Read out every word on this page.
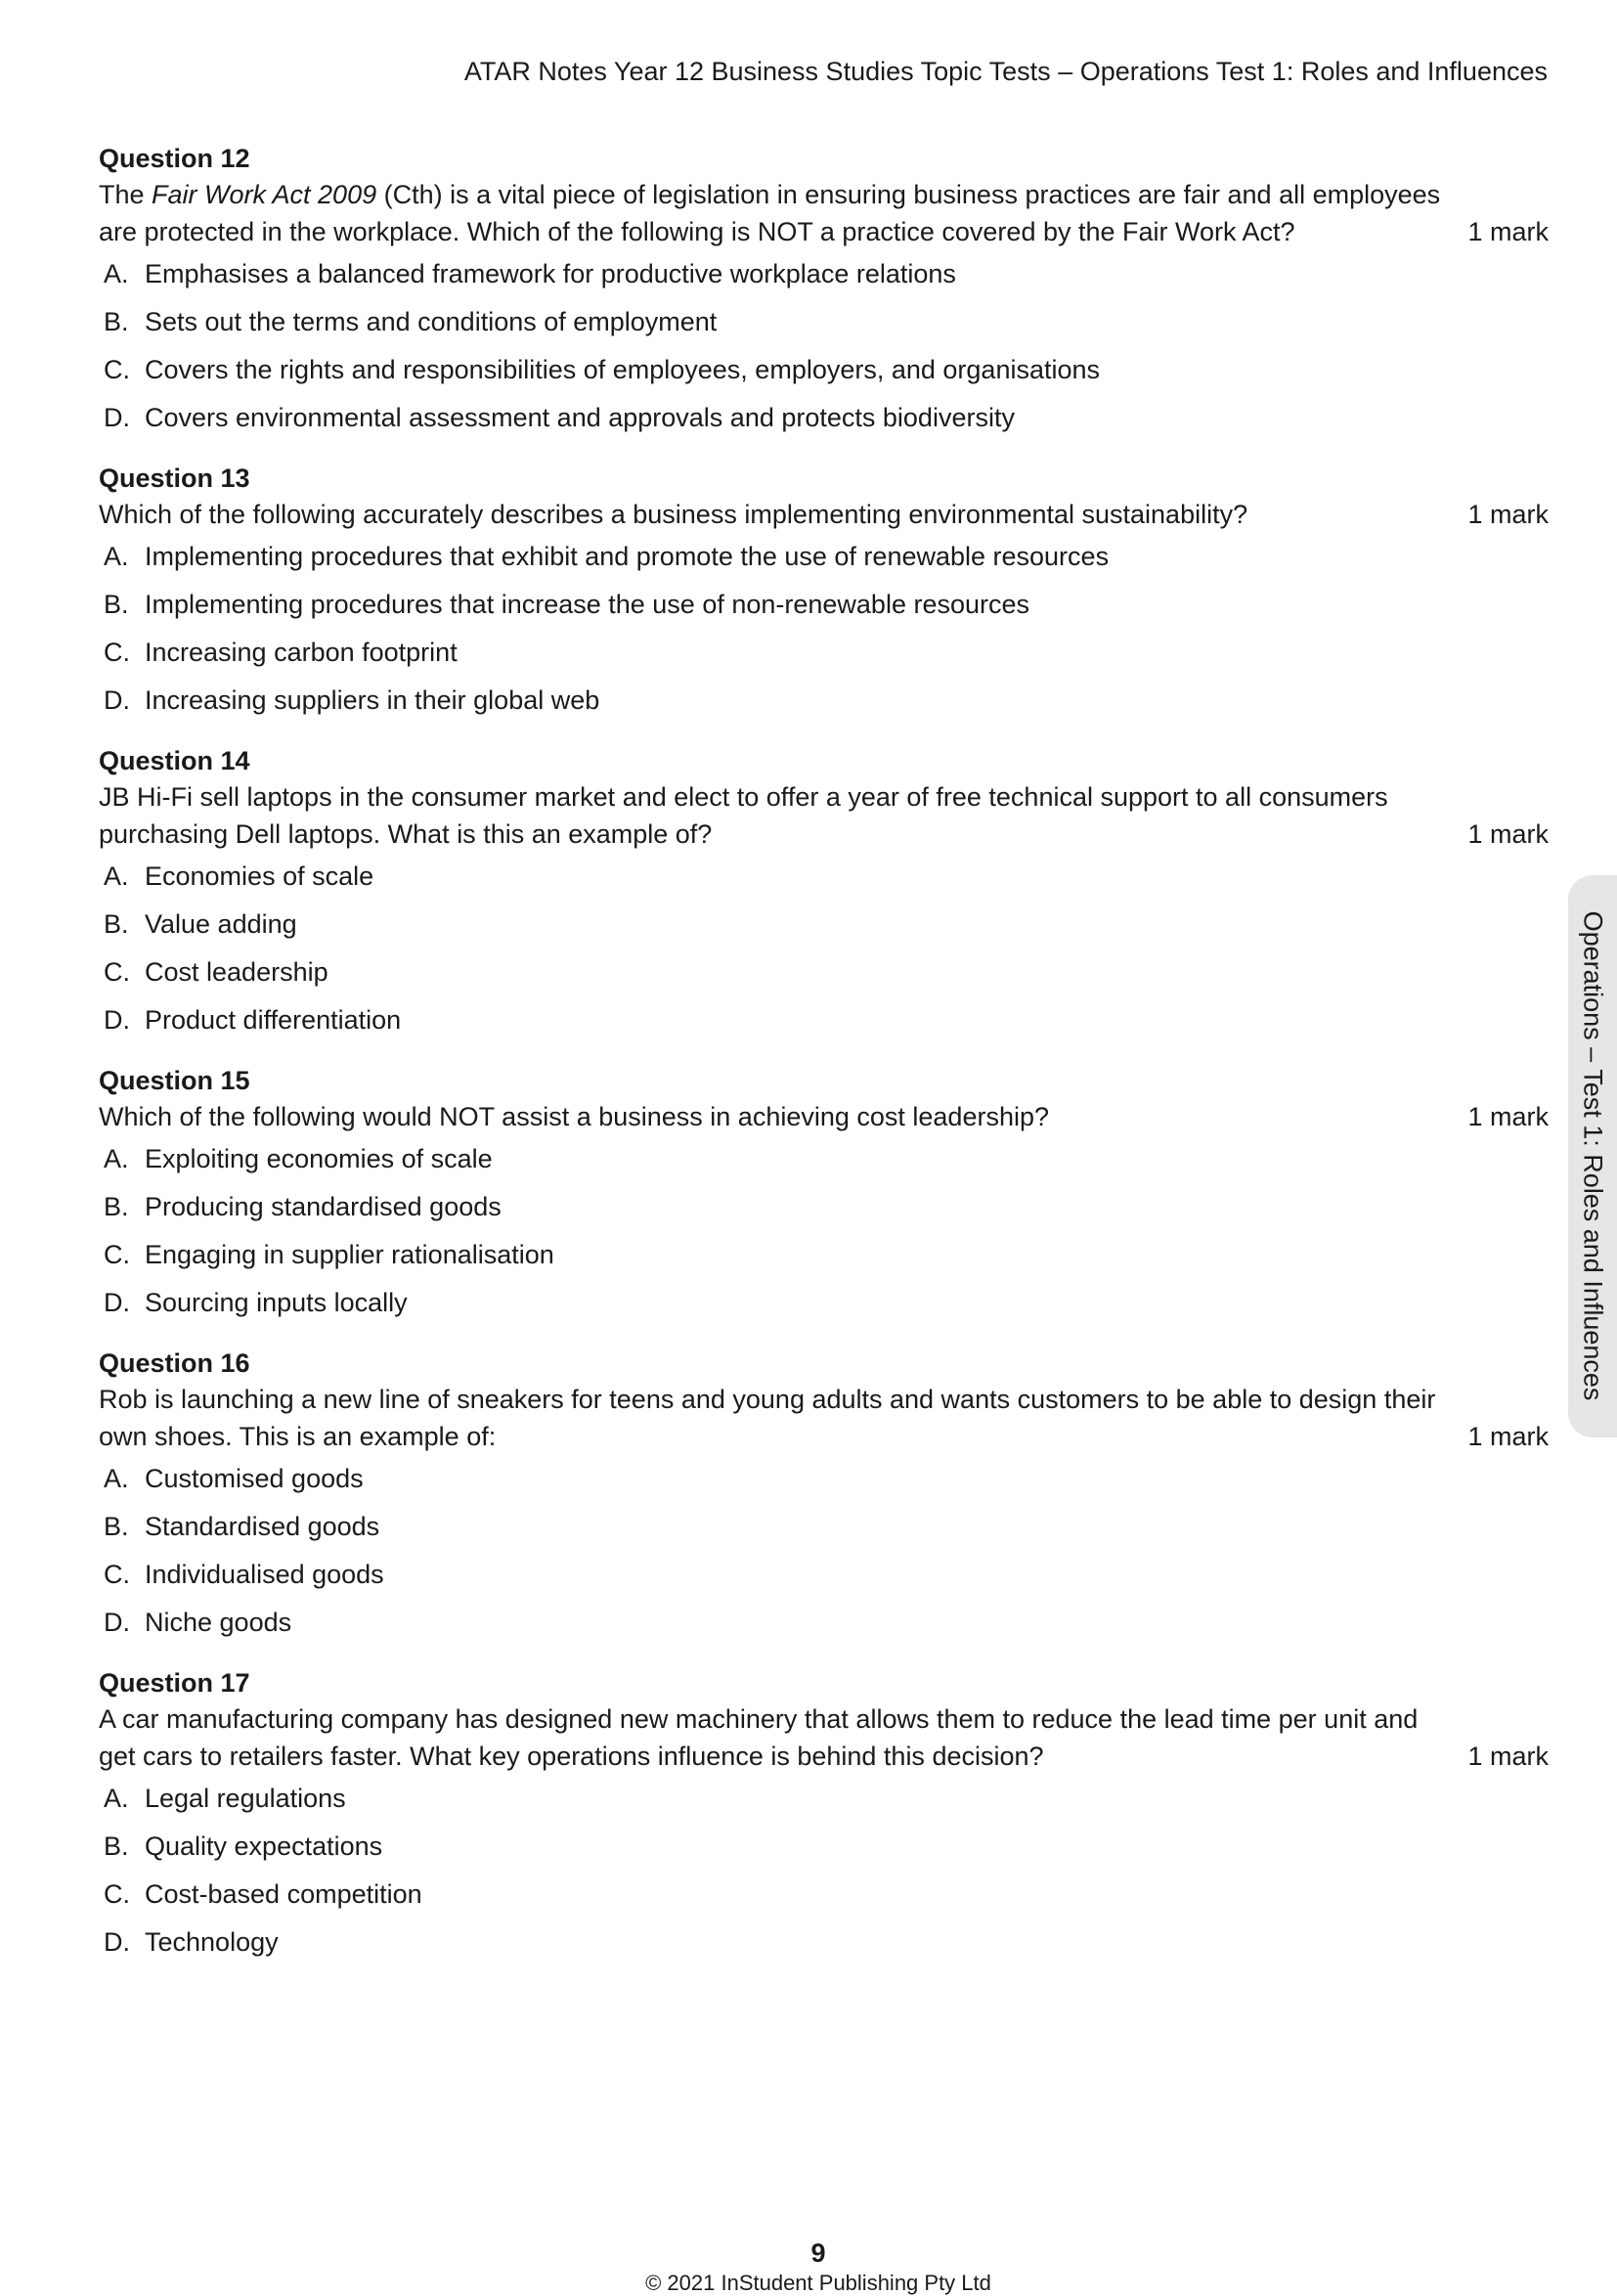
ATAR Notes Year 12 Business Studies Topic Tests – Operations Test 1: Roles and Influences
Question 12
The Fair Work Act 2009 (Cth) is a vital piece of legislation in ensuring business practices are fair and all employees are protected in the workplace. Which of the following is NOT a practice covered by the Fair Work Act?	1 mark
A. Emphasises a balanced framework for productive workplace relations
B. Sets out the terms and conditions of employment
C. Covers the rights and responsibilities of employees, employers, and organisations
D. Covers environmental assessment and approvals and protects biodiversity
Question 13
Which of the following accurately describes a business implementing environmental sustainability?	1 mark
A. Implementing procedures that exhibit and promote the use of renewable resources
B. Implementing procedures that increase the use of non-renewable resources
C. Increasing carbon footprint
D. Increasing suppliers in their global web
Question 14
JB Hi-Fi sell laptops in the consumer market and elect to offer a year of free technical support to all consumers purchasing Dell laptops. What is this an example of?	1 mark
A. Economies of scale
B. Value adding
C. Cost leadership
D. Product differentiation
Question 15
Which of the following would NOT assist a business in achieving cost leadership?	1 mark
A. Exploiting economies of scale
B. Producing standardised goods
C. Engaging in supplier rationalisation
D. Sourcing inputs locally
Question 16
Rob is launching a new line of sneakers for teens and young adults and wants customers to be able to design their own shoes. This is an example of:	1 mark
A. Customised goods
B. Standardised goods
C. Individualised goods
D. Niche goods
Question 17
A car manufacturing company has designed new machinery that allows them to reduce the lead time per unit and get cars to retailers faster. What key operations influence is behind this decision?	1 mark
A. Legal regulations
B. Quality expectations
C. Cost-based competition
D. Technology
Operations – Test 1: Roles and Influences
9
© 2021 InStudent Publishing Pty Ltd
